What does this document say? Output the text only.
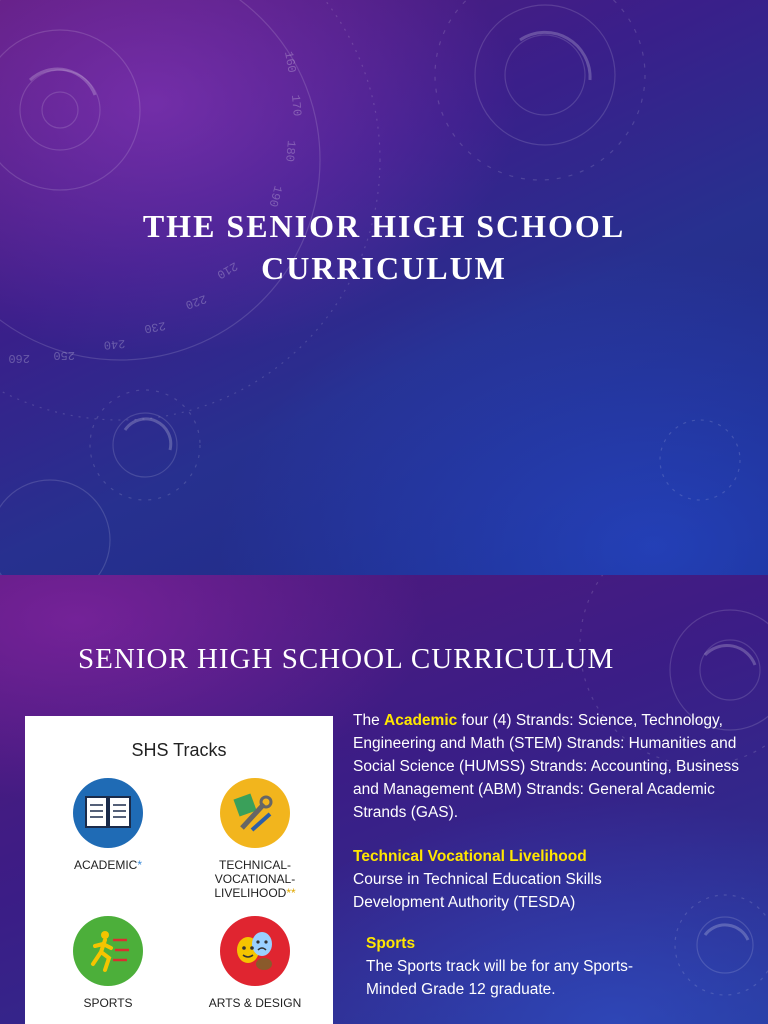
160
170
180
190
210
220
230
240
250
260
THE SENIOR HIGH SCHOOL
CURRICULUM
SENIOR HIGH SCHOOL CURRICULUM
SHS Tracks
ACADEMIC*	TECHNICAL-
VOCATIONAL-
LIVELIHOOD**
SPORTS	ARTS & DESIGN
The Academic four (4) Strands: Science, Technology, Engineering and Math (STEM) Strands: Humanities and Social Science (HUMSS) Strands: Accounting, Business and Management (ABM) Strands: General Academic Strands (GAS).
Technical Vocational Livelihood
Course in Technical Education Skills Development Authority (TESDA)
Sports
The Sports track will be for any Sports-Minded Grade 12 graduate.
